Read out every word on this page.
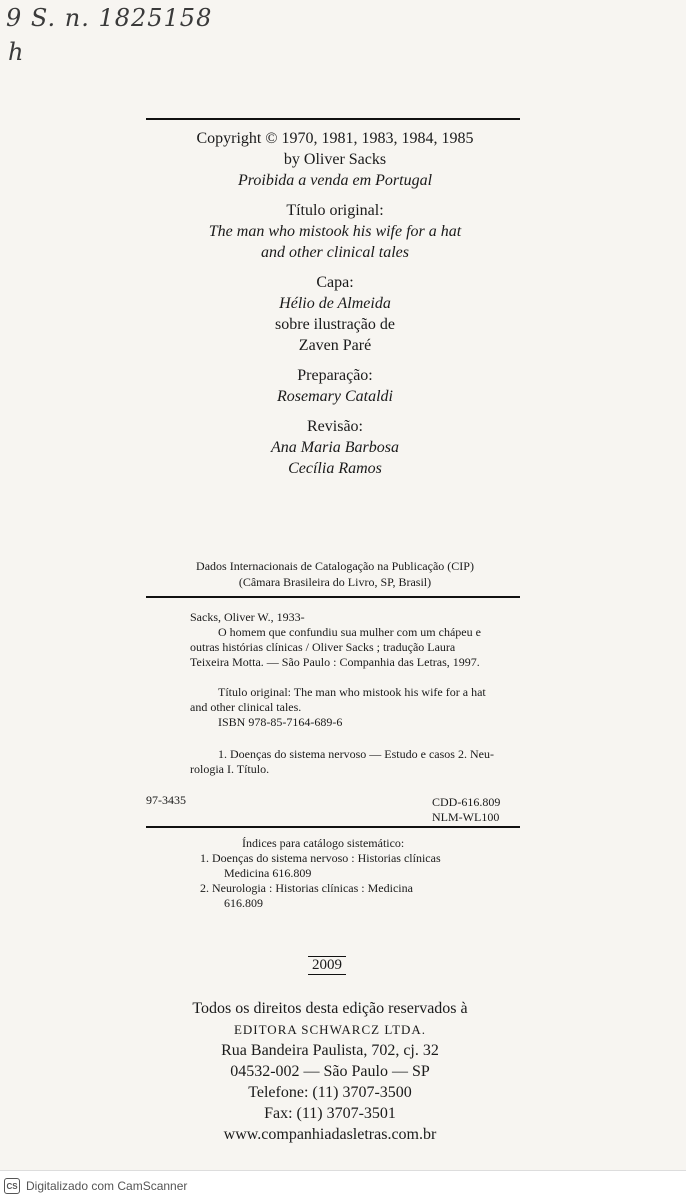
9 S. n. 1825158
h
Copyright © 1970, 1981, 1983, 1984, 1985
by Oliver Sacks
Proibida a venda em Portugal
Título original:
The man who mistook his wife for a hat
and other clinical tales
Capa:
Hélio de Almeida
sobre ilustração de
Zaven Paré
Preparação:
Rosemary Cataldi
Revisão:
Ana Maria Barbosa
Cecília Ramos
Dados Internacionais de Catalogação na Publicação (CIP)
(Câmara Brasileira do Livro, SP, Brasil)
Sacks, Oliver W., 1933-
O homem que confundiu sua mulher com um chápeu e
outras histórias clínicas / Oliver Sacks ; tradução Laura
Teixeira Motta. — São Paulo : Companhia das Letras, 1997.
Título original: The man who mistook his wife for a hat
and other clinical tales.
ISBN 978-85-7164-689-6
1. Doenças do sistema nervoso — Estudo e casos 2. Neu-
rologia I. Título.
97-3435	CDD-616.809
NLM-WL100
Índices para catálogo sistemático:
1. Doenças do sistema nervoso : Historias clínicas
Medicina 616.809
2. Neurologia : Historias clínicas : Medicina
616.809
2009
Todos os direitos desta edição reservados à
EDITORA SCHWARCZ LTDA.
Rua Bandeira Paulista, 702, cj. 32
04532-002 — São Paulo — SP
Telefone: (11) 3707-3500
Fax: (11) 3707-3501
www.companhiadasletras.com.br
CS Digitalizado com CamScanner
